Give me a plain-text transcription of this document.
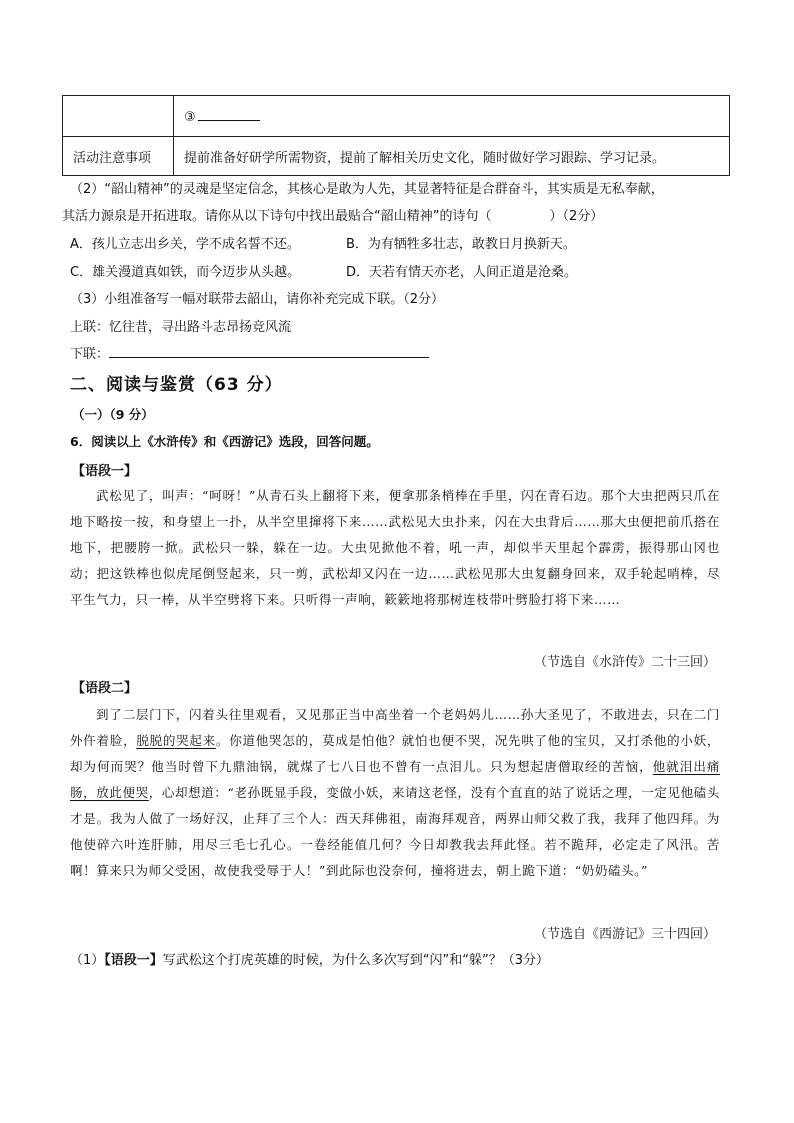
	③
活动注意事项	提前准备好研学所需物资，提前了解相关历史文化，随时做好学习跟踪、学习记录。
（2）“韶山精神”的灵魂是坚定信念，其核心是敢为人先，其显著特征是合群奋斗，其实质是无私奉献，
其活力源泉是开拓进取。请你从以下诗句中找出最贴合“韶山精神”的诗句（	）（2分）
A．孩儿立志出乡关，学不成名誓不还。	B．为有牺牲多壮志，敢教日月换新天。
C．雄关漫道真如铁，而今迈步从头越。	D．天若有情天亦老，人间正道是沧桑。
（3）小组准备写一幅对联带去韶山，请你补充完成下联。（2分）
上联：忆往昔，寻出路斗志昂扬竞风流
下联：
二、阅读与鉴赏（63 分）
（一）（9 分）
6．阅读以上《水浒传》和《西游记》选段，回答问题。
【语段一】
武松见了，叫声：“呵呀！”从青石头上翻将下来，便拿那条梢棒在手里，闪在青石边。那个大虫把两只爪在地下略按一按，和身望上一扑，从半空里撺将下来……武松见大虫扑来，闪在大虫背后……那大虫便把前爪搭在地下，把腰胯一掀。武松只一躲，躲在一边。大虫见掀他不着，吼一声，却似半天里起个霹雳，振得那山冈也动；把这铁棒也似虎尾倒竖起来，只一剪，武松却又闪在一边……武松见那大虫复翻身回来，双手轮起哨棒，尽平生气力，只一棒，从半空劈将下来。只听得一声响，簌簌地将那树连枝带叶劈脸打将下来……
（节选自《水浒传》二十三回）
【语段二】
到了二层门下，闪着头往里观看，又见那正当中高坐着一个老妈妈儿……孙大圣见了，不敢进去，只在二门外仵着脸，脱脱的哭起来。你道他哭怎的，莫成是怕他？就怕也便不哭，况先哄了他的宝贝，又打杀他的小妖，却为何而哭？他当时曾下九鼎油锅，就煤了七八日也不曾有一点泪儿。只为想起唐僧取经的苦恼，他就泪出痛肠，放此便哭，心却想道：“老孙既显手段，变做小妖，来请这老怪，没有个直直的站了说话之理，一定见他磕头才是。我为人做了一场好汉，止拜了三个人：西天拜佛祖，南海拜观音，两界山师父救了我，我拜了他四拜。为他使碎六叶连肝肺，用尽三毛七孔心。一卷经能值几何？今日却教我去拜此怪。若不跪拜，必定走了风汛。苦啊！算来只为师父受困，故使我受辱于人！”到此际也没奈何，撞将进去，朝上跪下道：“奶奶磕头。”
（节选自《西游记》三十四回）
（1）【语段一】写武松这个打虎英雄的时候，为什么多次写到“闪”和“躲”？（3分）
